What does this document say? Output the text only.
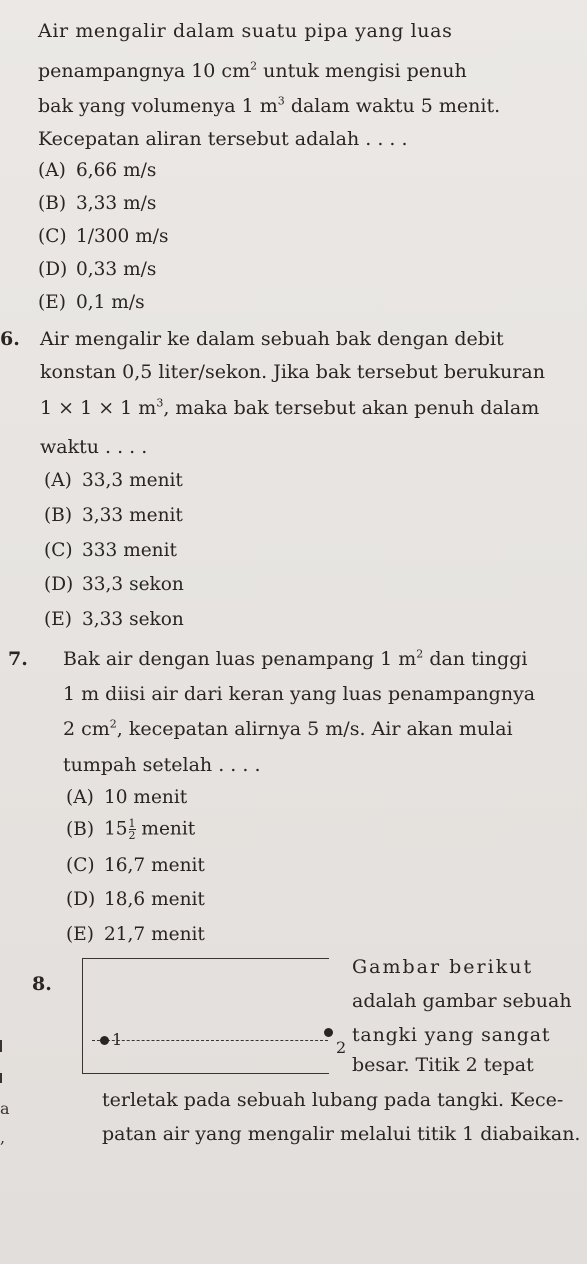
Air mengalir dalam suatu pipa yang luas
penampangnya 10 $cm^2$ untuk mengisi penuh
bak yang volumenya 1 $m^3$ dalam waktu 5 menit.
Kecepatan aliran tersebut adalah . . . .
(A) 6,66 m/s
(B) 3,33 m/s
(C) 1/300 m/s
(D) 0,33 m/s
(E) 0,1 m/s
6. Air mengalir ke dalam sebuah bak dengan debit
konstan 0,5 liter/sekon. Jika bak tersebut berukuran
1 × 1 × 1 $m^3$, maka bak tersebut akan penuh dalam
waktu . . . .
(A) 33,3 menit
(B) 3,33 menit
(C) 333 menit
(D) 33,3 sekon
(E) 3,33 sekon
7. Bak air dengan luas penampang 1 $m^2$ dan tinggi
1 m diisi air dari keran yang luas penampangnya
2 $cm^2$, kecepatan alirnya 5 m/s. Air akan mulai
tumpah setelah . . . .
(A) 10 menit
(B) $15 \frac{1}{2}$ menit
(C) 16,7 menit
(D) 18,6 menit
(E) 21,7 menit
8.
1	2
Gambar berikut
adalah gambar sebuah
tangki yang sangat
besar. Titik 2 tepat
terletak pada sebuah lubang pada tangki. Kece-
patan air yang mengalir melalui titik 1 diabaikan.
a
,
